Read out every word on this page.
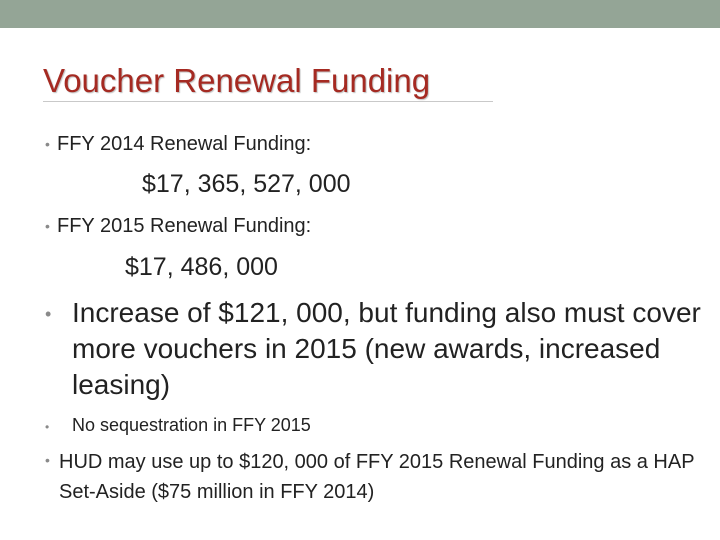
Voucher Renewal Funding
• FFY 2014 Renewal Funding:
$17, 365, 527, 000
• FFY 2015 Renewal Funding:
$17, 486, 000
• Increase of $121, 000, but funding also must cover more vouchers in 2015 (new awards, increased leasing)
• No sequestration in FFY 2015
• HUD may use up to $120, 000 of FFY 2015 Renewal Funding as a HAP Set-Aside ($75 million in FFY 2014)
